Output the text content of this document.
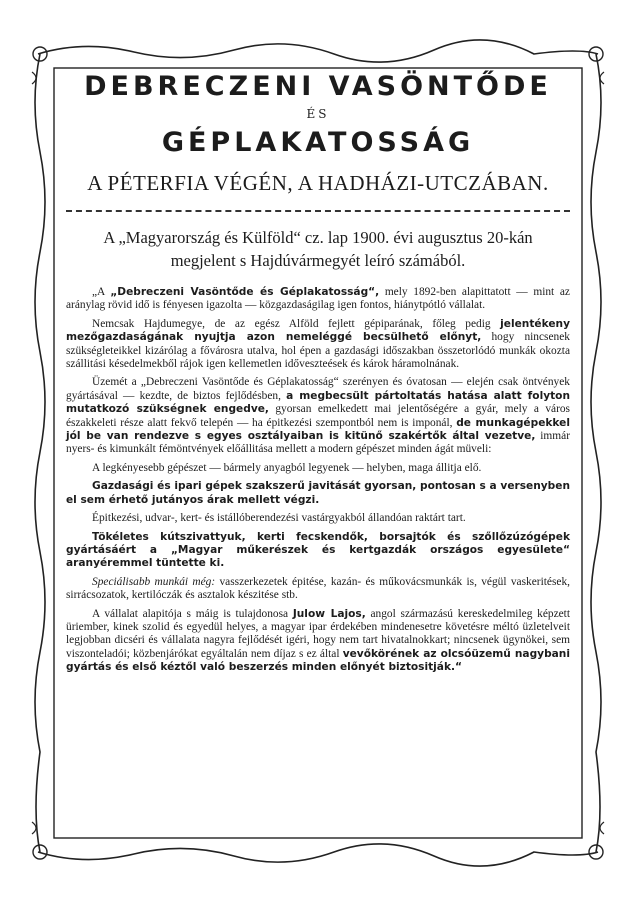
DEBRECZENI VASÖNTŐDE
ÉS
GÉPLAKATOSSÁG
A PÉTERFIA VÉGÉN, A HADHÁZI-UTCZÁBAN.
A „Magyarország és Külföld“ cz. lap 1900. évi augusztus 20-kán megjelent s Hajdúvármegyét leíró számából.

„A „Debreczeni Vasöntőde és Géplakatosság“, mely 1892-ben alapittatott — mint az aránylag rövid idő is fényesen igazolta — közgazdaságilag igen fontos, hiánytpótló vállalat.

Nemcsak Hajdumegye, de az egész Alföld fejlett gépiparának, főleg pedig jelentékeny mezőgazdaságának nyujtja azon nemeléggé becsülhető előnyt, hogy nincsenek szükségleteikkel kizárólag a fővárosra utalva, hol épen a gazdasági időszakban összetorlódó munkák okozta szállitási késedelmekből rájok igen kellemetlen időveszteések és károk háramolnának.

Üzemét a „Debreczeni Vasöntőde és Géplakatosság“ szerényen és óvatosan — elején csak öntvények gyártásával — kezdte, de biztos fejlődésben, a megbecsült pártoltatás hatása alatt folyton mutatkozó szükségnek engedve, gyorsan emelkedett mai jelentőségére a gyár, mely a város északkeleti része alatt fekvő telepén — ha épitkezési szempontból nem is imponál, de munkagépekkel jól be van rendezve s egyes osztályaiban is kitünő szakértők által vezetve, immár nyers- és kimunkált fémöntvények előállitása mellett a modern gépészet minden ágát müveli:

A legkényesebb gépészet — bármely anyagból legyenek — helyben, maga állitja elő.

Gazdasági és ipari gépek szakszerű javitását gyorsan, pontosan s a versenyben el sem érhető jutányos árak mellett végzi.

Épitkezési, udvar-, kert- és istállóberendezési vastárgyakból állandóan raktárt tart.

Tökéletes kútszivattyuk, kerti fecskendők, borsajtók és szőllőzúzógépek gyártásáért a „Magyar műkerészek és kertgazdák országos egyesülete“ aranyéremmel tüntette ki.

Speciálisabb munkái még: vasszerkezetek épitése, kazán- és műkovácsmunkák is, végül vaskeritések, sirrácsozatok, kertilóczák és asztalok készitése stb.

A vállalat alapitója s máig is tulajdonosa Julow Lajos, angol származású kereskedelmileg képzett üriember, kinek szolid és egyedül helyes, a magyar ipar érdekében mindenesetre követésre méltó üzletelveit legjobban dicséri és vállalata nagyra fejlődését igéri, hogy nem tart hivatalnokkart; nincsenek ügynökei, sem viszonteladói; közbenjárókat egyáltalán nem díjaz s ez által vevőkörének az olcsóüzemű nagybani gyártás és első kéztől való beszerzés minden előnyét biztositják.“
